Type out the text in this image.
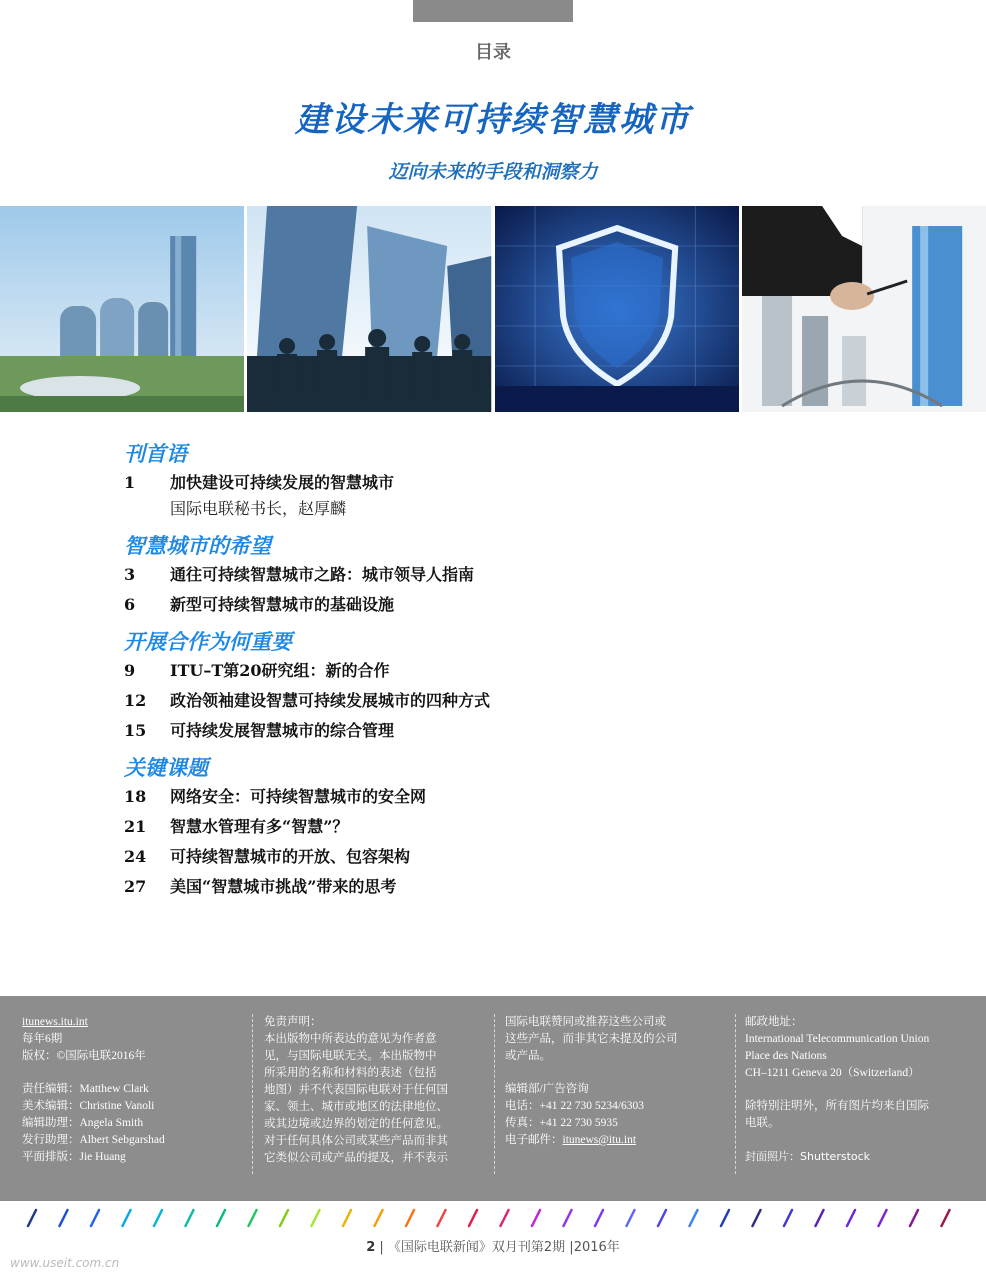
目录
建设未来可持续智慧城市
迈向未来的手段和洞察力
刊首语
1	加快建设可持续发展的智慧城市
国际电联秘书长，赵厚麟
智慧城市的希望
3	通往可持续智慧城市之路：城市领导人指南
6	新型可持续智慧城市的基础设施
开展合作为何重要
9	ITU–T第20研究组：新的合作
12	政治领袖建设智慧可持续发展城市的四种方式
15	可持续发展智慧城市的综合管理
关键课题
18	网络安全：可持续智慧城市的安全网
21	智慧水管理有多“智慧”？
24	可持续智慧城市的开放、包容架构
27	美国“智慧城市挑战”带来的思考
itunews.itu.int
每年6期
版权：©国际电联2016年
责任编辑：Matthew Clark
美术编辑：Christine Vanoli
编辑助理：Angela Smith
发行助理：Albert Sebgarshad
平面排版：Jie Huang
免责声明：
本出版物中所表达的意见为作者意
见，与国际电联无关。本出版物中
所采用的名称和材料的表述（包括
地图）并不代表国际电联对于任何国
家、领土、城市或地区的法律地位、
或其边境或边界的划定的任何意见。
对于任何具体公司或某些产品而非其
它类似公司或产品的提及，并不表示
国际电联赞同或推荐这些公司或
这些产品，而非其它未提及的公司
或产品。
编辑部/广告咨询
电话：+41 22 730 5234/6303
传真：+41 22 730 5935
电子邮件：itunews@itu.int
邮政地址：
International Telecommunication Union
Place des Nations
CH–1211 Geneva 20（Switzerland）
除特别注明外，所有图片均来自国际
电联。
封面照片：Shutterstock
2 | 《国际电联新闻》双月刊第2期 |2016年
www.useit.com.cn
